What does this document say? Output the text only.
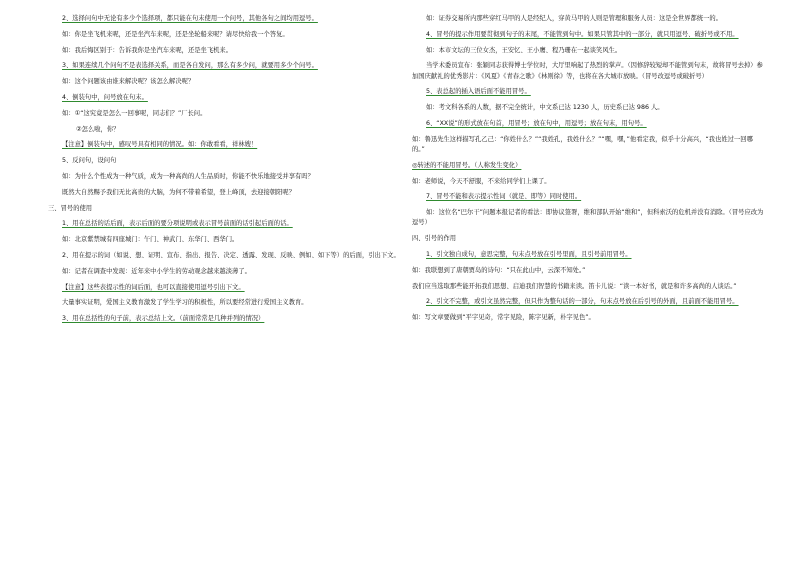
2、选择问句中无论有多少个选择项，都只能在句末使用一个问号，其他各句之间均用逗号。

如：你是坐飞机来呢，还是坐汽车来呢，还是坐轮船来呢？请尽快给我一个答复。

如：我后悔区别于：告诉我你是坐汽车来呢，还是坐飞机来。

3、如果连续几个问句不是表选择关系，而是各自发问，那么有多少问，就要用多少个问号。

如：这个问题该由谁来解决呢？该怎么解决呢？

4、倒装句中，问号放在句末。

如：①“这究竟是怎么一回事呢，同志们？”厂长问。

②怎么啦，你？

【注意】倒装句中，感叹号具有相同的情况。如：你敢看看，祥林嫂！

5、反问句，设问句

如：为什么个性成为一种气质，成为一种高尚的人生品质时，你能不快乐地接受并享有吗？

既然大自然赐予我们无比高贵的大脑，为何不带着希望，登上峰顶，去迎接朝阳呢？

三、冒号的使用

1、用在总括的话后面，表示后面的要分项说明或表示冒号前面的话引起后面的话。

如：北京紫禁城有四座城门：午门、神武门、东华门、西华门。

2、用在提示的词（如说、想、证明、宣布、指出、报告、决定、透露、发现、反映、例如、如下等）的后面，引出下文。

如：记者在调查中发现：近年来中小学生的劳动观念越来越淡薄了。

【注意】这些表提示性的词后面，也可以直接使用逗号引出下文。

大量事实证明，爱国主义教育激发了学生学习的积极性，所以要经常进行爱国主义教育。

3、用在总括性的句子前，表示总结上文。（前面常常是几种并列的情况）

如：证券交易所内那些穿红马甲的人是经纪人，穿黄马甲的人则是管理和服务人员：这是全世界都统一的。

4、冒号的提示作用要贯彻到句子的末尾，不能管到句中。如果只管其中的一部分，就只用逗号、破折号或不用。

如：本市文坛的三位女杰，王安忆、王小鹰、程乃珊在一起谈笑风生。

当学术委员宣布：张颖同志获得博士学位时，大厅里响起了热烈的掌声。（因修辞较短却不能管到句末，故将冒号去掉）参加国庆献礼的优秀影片：《风夏》《青春之歌》《林则徐》等，也将在各大城市放映。（冒号改逗号或破折号）

5、表总起的插入语后面不能用冒号。

如：考文科各系的人数，据不完全统计，中文系已达 1230 人，历史系已达 986 人。

6、“XX说”的形式放在句首，用冒号；放在句中，用逗号；放在句末，用句号。

如：鲁迅先生这样描写孔乙己：“你姓什么？”“我姓孔，我姓什么？”“嘿，嘿，”他看定我，似乎十分高兴，“我也姓过一回哪的。”

◎转述的不能用冒号。（人称发生变化）

如：老师说，今天不舒服，不来给同学们上课了。

7、冒号不能和表示提示性词（就是、即等）同时使用。

如：这位名“巴尔干”问题本报记者的看法：即协议签署，维和部队开始“维和”，但科索沃的危机并没有消除。（冒号应改为逗号）

四、引号的作用

1、引文独自成句，意思完整，句末点号放在引号里面，且引号前用冒号。

如：我联想到了唐朝贾岛的诗句：“只在此山中，云深不知处。”

我们应当选取那些能开拓我们思想、启迪我们智慧的书籍来读。笛卡儿说：“读一本好书，就是和许多高尚的人谈话。”

2、引文不完整，或引文虽然完整，但只作为整句话的一部分，句末点号放在后引号的外面，且前面不能用冒号。

如：写文章要做到“平字见奇，常字见险，陈字见新，朴字见色”。
